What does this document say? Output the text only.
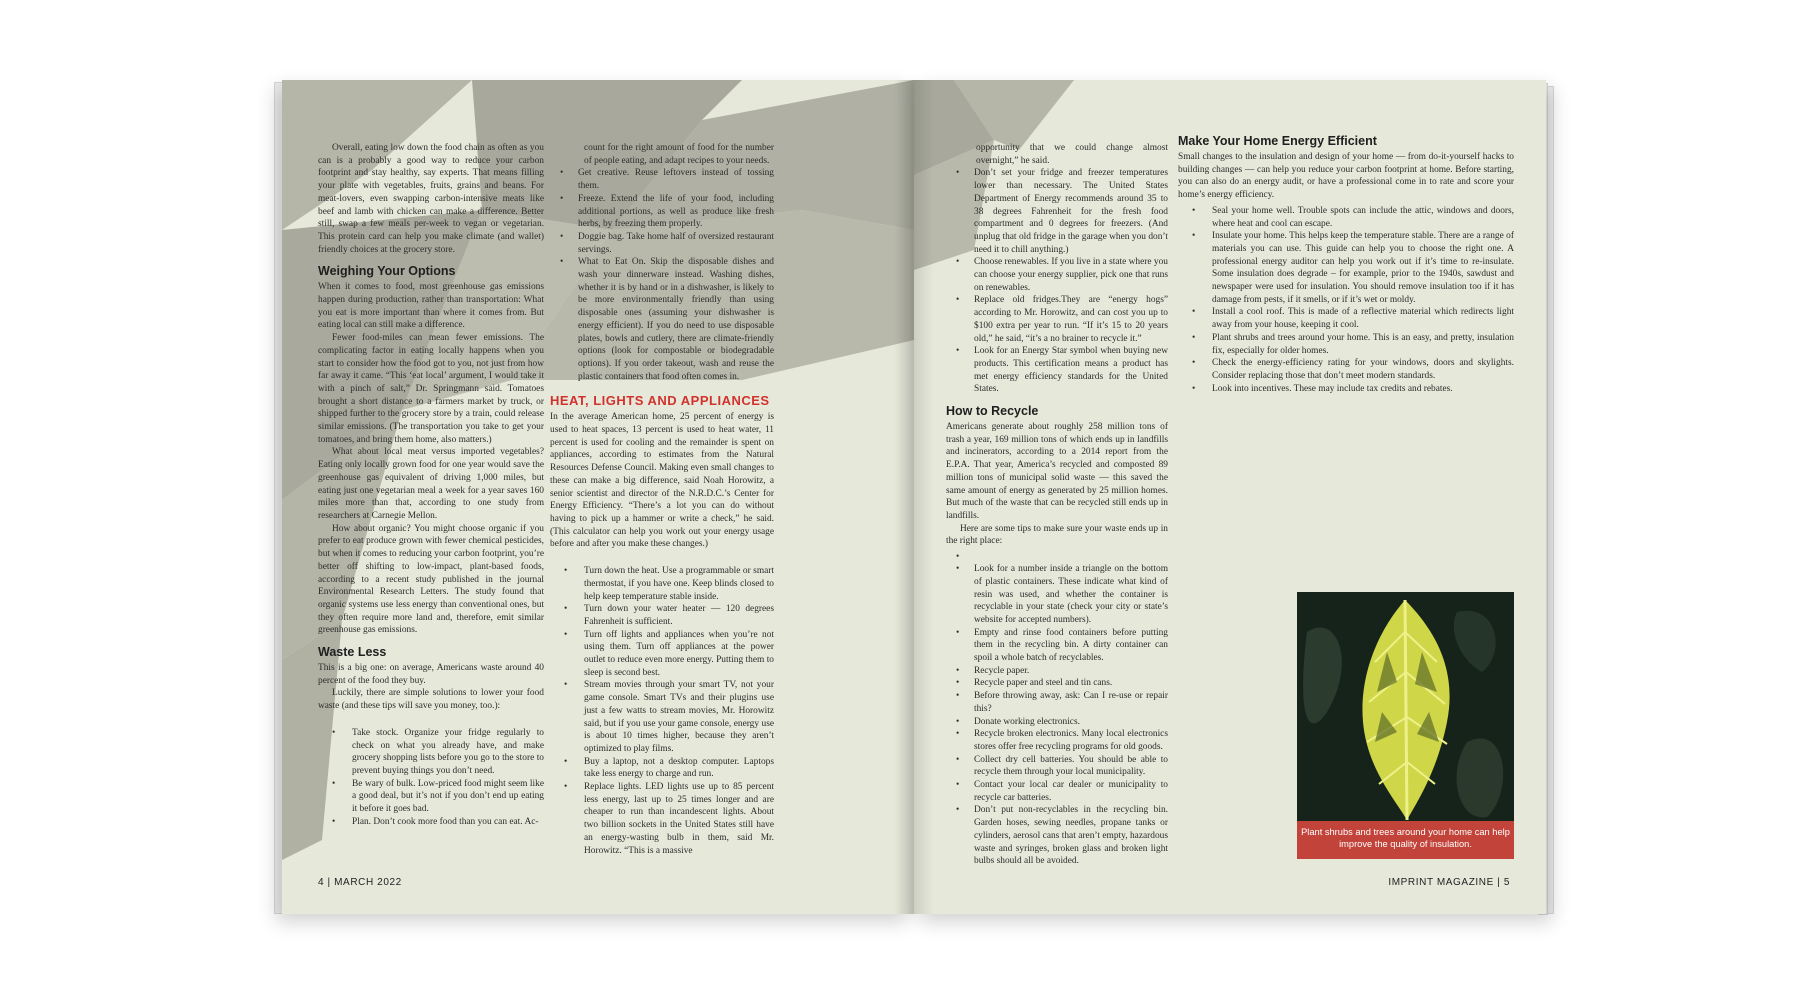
Overall, eating low down the food chain as often as you can is a probably a good way to reduce your carbon footprint and stay healthy, say experts. That means filling your plate with vegetables, fruits, grains and beans. For meat-lovers, even swapping carbon-intensive meats like beef and lamb with chicken can make a difference. Better still, swap a few meals per-week to vegan or vegetarian. This protein card can help you make climate (and wallet) friendly choices at the grocery store.

Weighing Your Options

When it comes to food, most greenhouse gas emissions happen during production, rather than transportation: What you eat is more important than where it comes from. But eating local can still make a difference.

Fewer food-miles can mean fewer emissions. The complicating factor in eating locally happens when you start to consider how the food got to you, not just from how far away it came. “This ‘eat local’ argument, I would take it with a pinch of salt,” Dr. Springmann said. Tomatoes brought a short distance to a farmers market by truck, or shipped further to the grocery store by a train, could release similar emissions. (The transportation you take to get your tomatoes, and bring them home, also matters.)

What about local meat versus imported vegetables? Eating only locally grown food for one year would save the greenhouse gas equivalent of driving 1,000 miles, but eating just one vegetarian meal a week for a year saves 160 miles more than that, according to one study from researchers at Carnegie Mellon.

How about organic? You might choose organic if you prefer to eat produce grown with fewer chemical pesticides, but when it comes to reducing your carbon footprint, you’re better off shifting to low-impact, plant-based foods, according to a recent study published in the journal Environmental Research Letters. The study found that organic systems use less energy than conventional ones, but they often require more land and, therefore, emit similar greenhouse gas emissions.

Waste Less

This is a big one: on average, Americans waste around 40 percent of the food they buy.

Luckily, there are simple solutions to lower your food waste (and these tips will save you money, too.):

• Take stock. Organize your fridge regularly to check on what you already have, and make grocery shopping lists before you go to the store to prevent buying things you don’t need.
• Be wary of bulk. Low-priced food might seem like a good deal, but it’s not if you don’t end up eating it before it goes bad.
• Plan. Don’t cook more food than you can eat. Ac-

count for the right amount of food for the number of people eating, and adapt recipes to your needs.

• Get creative. Reuse leftovers instead of tossing them.
• Freeze. Extend the life of your food, including additional portions, as well as produce like fresh herbs, by freezing them properly.
• Doggie bag. Take home half of oversized restaurant servings.
• What to Eat On. Skip the disposable dishes and wash your dinnerware instead. Washing dishes, whether it is by hand or in a dishwasher, is likely to be more environmentally friendly than using disposable ones (assuming your dishwasher is energy efficient). If you do need to use disposable plates, bowls and cutlery, there are climate-friendly options (look for compostable or biodegradable options). If you order takeout, wash and reuse the plastic containers that food often comes in.
HEAT, LIGHTS AND APPLIANCES

In the average American home, 25 percent of energy is used to heat spaces, 13 percent is used to heat water, 11 percent is used for cooling and the remainder is spent on appliances, according to estimates from the Natural Resources Defense Council. Making even small changes to these can make a big difference, said Noah Horowitz, a senior scientist and director of the N.R.D.C.’s Center for Energy Efficiency. “There’s a lot you can do without having to pick up a hammer or write a check,” he said. (This calculator can help you work out your energy usage before and after you make these changes.)

• Turn down the heat. Use a programmable or smart thermostat, if you have one. Keep blinds closed to help keep temperature stable inside.
• Turn down your water heater — 120 degrees Fahrenheit is sufficient.
• Turn off lights and appliances when you’re not using them. Turn off appliances at the power outlet to reduce even more energy. Putting them to sleep is second best.
• Stream movies through your smart TV, not your game console. Smart TVs and their plugins use just a few watts to stream movies, Mr. Horowitz said, but if you use your game console, energy use is about 10 times higher, because they aren’t optimized to play films.
• Buy a laptop, not a desktop computer. Laptops take less energy to charge and run.
• Replace lights. LED lights use up to 85 percent less energy, last up to 25 times longer and are cheaper to run than incandescent lights. About two billion sockets in the United States still have an energy-wasting bulb in them, said Mr. Horowitz. “This is a massive
4 | MARCH 2022

opportunity that we could change almost overnight,” he said.

• Don’t set your fridge and freezer temperatures lower than necessary. The United States Department of Energy recommends around 35 to 38 degrees Fahrenheit for the fresh food compartment and 0 degrees for freezers. (And unplug that old fridge in the garage when you don’t need it to chill anything.)
• Choose renewables. If you live in a state where you can choose your energy supplier, pick one that runs on renewables.
• Replace old fridges.They are “energy hogs” according to Mr. Horowitz, and can cost you up to $100 extra per year to run. “If it’s 15 to 20 years old,” he said, “it’s a no brainer to recycle it.”
• Look for an Energy Star symbol when buying new products. This certification means a product has met energy efficiency standards for the United States.
How to Recycle

Americans generate about roughly 258 million tons of trash a year, 169 million tons of which ends up in landfills and incinerators, according to a 2014 report from the E.P.A. That year, America’s recycled and composted 89 million tons of municipal solid waste — this saved the same amount of energy as generated by 25 million homes. But much of the waste that can be recycled still ends up in landfills.

Here are some tips to make sure your waste ends up in the right place:

•
• Look for a number inside a triangle on the bottom of plastic containers. These indicate what kind of resin was used, and whether the container is recyclable in your state (check your city or state’s website for accepted numbers).
• Empty and rinse food containers before putting them in the recycling bin. A dirty container can spoil a whole batch of recyclables.
• Recycle paper.
• Recycle paper and steel and tin cans.
• Before throwing away, ask: Can I re-use or repair this?
• Donate working electronics.
• Recycle broken electronics. Many local electronics stores offer free recycling programs for old goods.
• Collect dry cell batteries. You should be able to recycle them through your local municipality.
• Contact your local car dealer or municipality to recycle car batteries.
• Don’t put non-recyclables in the recycling bin. Garden hoses, sewing needles, propane tanks or cylinders, aerosol cans that aren’t empty, hazardous waste and syringes, broken glass and broken light bulbs should all be avoided.
Make Your Home Energy Efficient

Small changes to the insulation and design of your home — from do-it-yourself hacks to building changes — can help you reduce your carbon footprint at home. Before starting, you can also do an energy audit, or have a professional come in to rate and score your home’s energy efficiency.

• Seal your home well. Trouble spots can include the attic, windows and doors, where heat and cool can escape.
• Insulate your home. This helps keep the temperature stable. There are a range of materials you can use. This guide can help you to choose the right one. A professional energy auditor can help you work out if it’s time to re-insulate. Some insulation does degrade – for example, prior to the 1940s, sawdust and newspaper were used for insulation. You should remove insulation too if it has damage from pests, if it smells, or if it’s wet or moldy.
• Install a cool roof. This is made of a reflective material which redirects light away from your house, keeping it cool.
• Plant shrubs and trees around your home. This is an easy, and pretty, insulation fix, especially for older homes.
• Check the energy-efficiency rating for your windows, doors and skylights. Consider replacing those that don’t meet modern standards.
• Look into incentives. These may include tax credits and rebates.
Plant shrubs and trees around your home can help improve the quality of insulation.
IMPRINT MAGAZINE | 5
